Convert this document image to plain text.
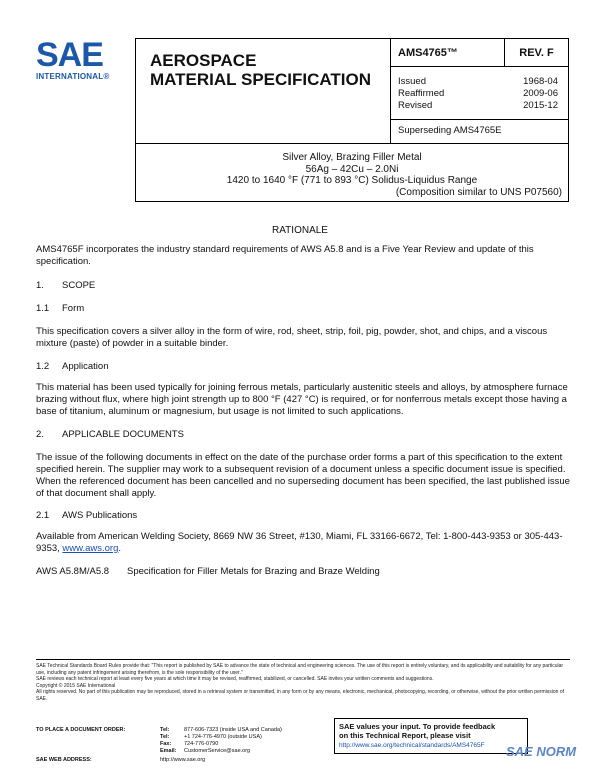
SAE
INTERNATIONAL®
AEROSPACE
MATERIAL SPECIFICATION
AMS4765™	REV. F
Issued	1968-04
Reaffirmed	2009-06
Revised	2015-12
Superseding AMS4765E
Silver Alloy, Brazing Filler Metal
56Ag – 42Cu – 2.0Ni
1420 to 1640 °F (771 to 893 °C) Solidus-Liquidus Range
(Composition similar to UNS P07560)
RATIONALE
AMS4765F incorporates the industry standard requirements of AWS A5.8 and is a Five Year Review and update of this specification.
1. SCOPE
1.1 Form
This specification covers a silver alloy in the form of wire, rod, sheet, strip, foil, pig, powder, shot, and chips, and a viscous mixture (paste) of powder in a suitable binder.
1.2 Application
This material has been used typically for joining ferrous metals, particularly austenitic steels and alloys, by atmosphere furnace brazing without flux, where high joint strength up to 800 °F (427 °C) is required, or for nonferrous metals except those having a base of titanium, aluminum or magnesium, but usage is not limited to such applications.
2. APPLICABLE DOCUMENTS
The issue of the following documents in effect on the date of the purchase order forms a part of this specification to the extent specified herein. The supplier may work to a subsequent revision of a document unless a specific document issue is specified. When the referenced document has been cancelled and no superseding document has been specified, the last published issue of that document shall apply.
2.1 AWS Publications
Available from American Welding Society, 8669 NW 36 Street, #130, Miami, FL 33166-6672, Tel: 1-800-443-9353 or 305-443-9353, www.aws.org.
AWS A5.8M/A5.8 Specification for Filler Metals for Brazing and Braze Welding
SAE Technical Standards Board Rules provide that: "This report is published by SAE to advance the state of technical and engineering sciences. The use of this report is entirely voluntary, and its applicability and suitability for any particular use, including any patent infringement arising therefrom, is the sole responsibility of the user."
SAE reviews each technical report at least every five years at which time it may be revised, reaffirmed, stabilized, or cancelled. SAE invites your written comments and suggestions.
Copyright © 2015 SAE International
All rights reserved. No part of this publication may be reproduced, stored in a retrieval system or transmitted, in any form or by any means, electronic, mechanical, photocopying, recording, or otherwise, without the prior written permission of SAE.
TO PLACE A DOCUMENT ORDER:	Tel:	877-606-7323 (inside USA and Canada)
Tel:	+1 724-776-4970 (outside USA)
Fax: 724-776-0790
Email: CustomerService@sae.org
SAE WEB ADDRESS:	http://www.sae.org
SAE values your input. To provide feedback
on this Technical Report, please visit
http://www.sae.org/technical/standards/AMS4765F	SAE NORM
